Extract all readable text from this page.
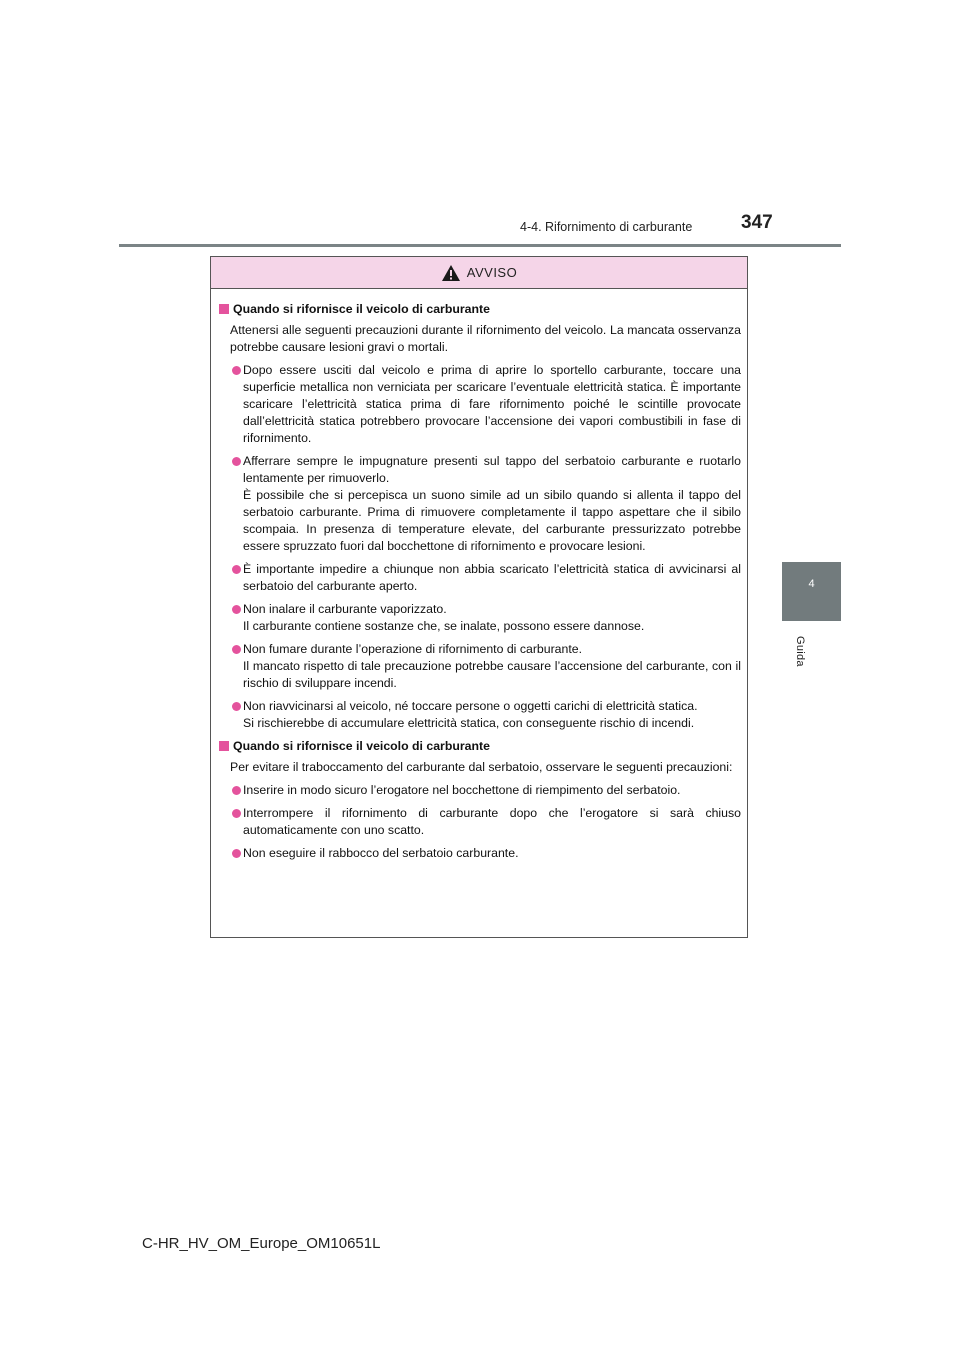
4-4. Rifornimento di carburante	347
4
Guida
AVVISO
Quando si rifornisce il veicolo di carburante
Attenersi alle seguenti precauzioni durante il rifornimento del veicolo. La mancata osservanza potrebbe causare lesioni gravi o mortali.
Dopo essere usciti dal veicolo e prima di aprire lo sportello carburante, toccare una superficie metallica non verniciata per scaricare l’eventuale elettricità statica. È importante scaricare l’elettricità statica prima di fare rifornimento poiché le scintille provocate dall’elettricità statica potrebbero provocare l’accensione dei vapori combustibili in fase di rifornimento.
Afferrare sempre le impugnature presenti sul tappo del serbatoio carburante e ruotarlo lentamente per rimuoverlo.
È possibile che si percepisca un suono simile ad un sibilo quando si allenta il tappo del serbatoio carburante. Prima di rimuovere completamente il tappo aspettare che il sibilo scompaia. In presenza di temperature elevate, del carburante pressurizzato potrebbe essere spruzzato fuori dal bocchettone di rifornimento e provocare lesioni.
È importante impedire a chiunque non abbia scaricato l’elettricità statica di avvicinarsi al serbatoio del carburante aperto.
Non inalare il carburante vaporizzato.
Il carburante contiene sostanze che, se inalate, possono essere dannose.
Non fumare durante l’operazione di rifornimento di carburante.
Il mancato rispetto di tale precauzione potrebbe causare l’accensione del carburante, con il rischio di sviluppare incendi.
Non riavvicinarsi al veicolo, né toccare persone o oggetti carichi di elettricità statica.
Si rischierebbe di accumulare elettricità statica, con conseguente rischio di incendi.
Quando si rifornisce il veicolo di carburante
Per evitare il traboccamento del carburante dal serbatoio, osservare le seguenti precauzioni:
Inserire in modo sicuro l’erogatore nel bocchettone di riempimento del serbatoio.
Interrompere il rifornimento di carburante dopo che l’erogatore si sarà chiuso automaticamente con uno scatto.
Non eseguire il rabbocco del serbatoio carburante.
C-HR_HV_OM_Europe_OM10651L
